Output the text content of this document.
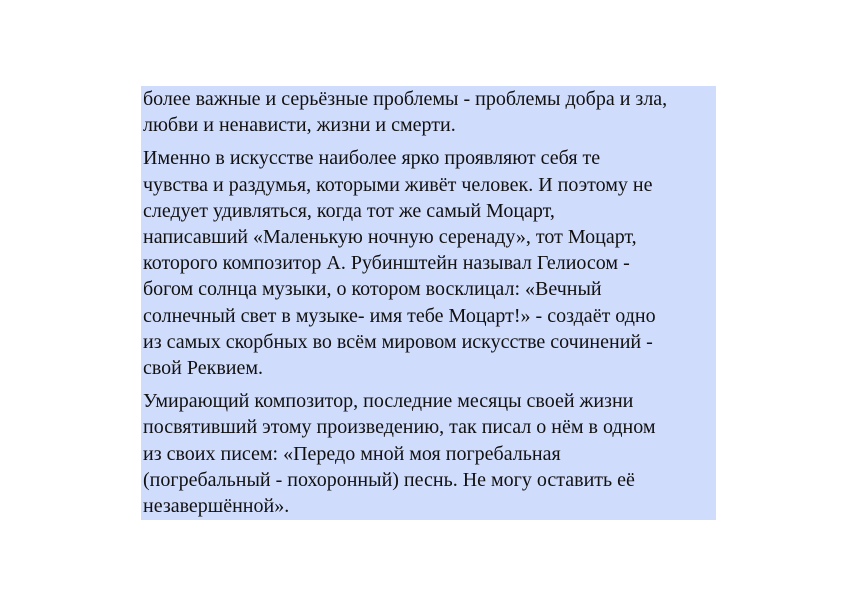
более важные и серьёзные проблемы - проблемы добра и зла,
любви и ненависти, жизни и смерти.

Именно в искусстве наиболее ярко проявляют себя те
чувства и раздумья, которыми живёт человек. И поэтому не
следует удивляться, когда тот же самый Моцарт,
написавший «Маленькую ночную серенаду», тот Моцарт,
которого композитор А. Рубинштейн называл Гелиосом -
богом солнца музыки, о котором восклицал: «Вечный
солнечный свет в музыке- имя тебе Моцарт!» - создаёт одно
из самых скорбных во всём мировом искусстве сочинений -
свой Реквием.

Умирающий композитор, последние месяцы своей жизни
посвятивший этому произведению, так писал о нём в одном
из своих писем: «Передо мной моя погребальная
(погребальный - похоронный) песнь. Не могу оставить её
незавершённой».
